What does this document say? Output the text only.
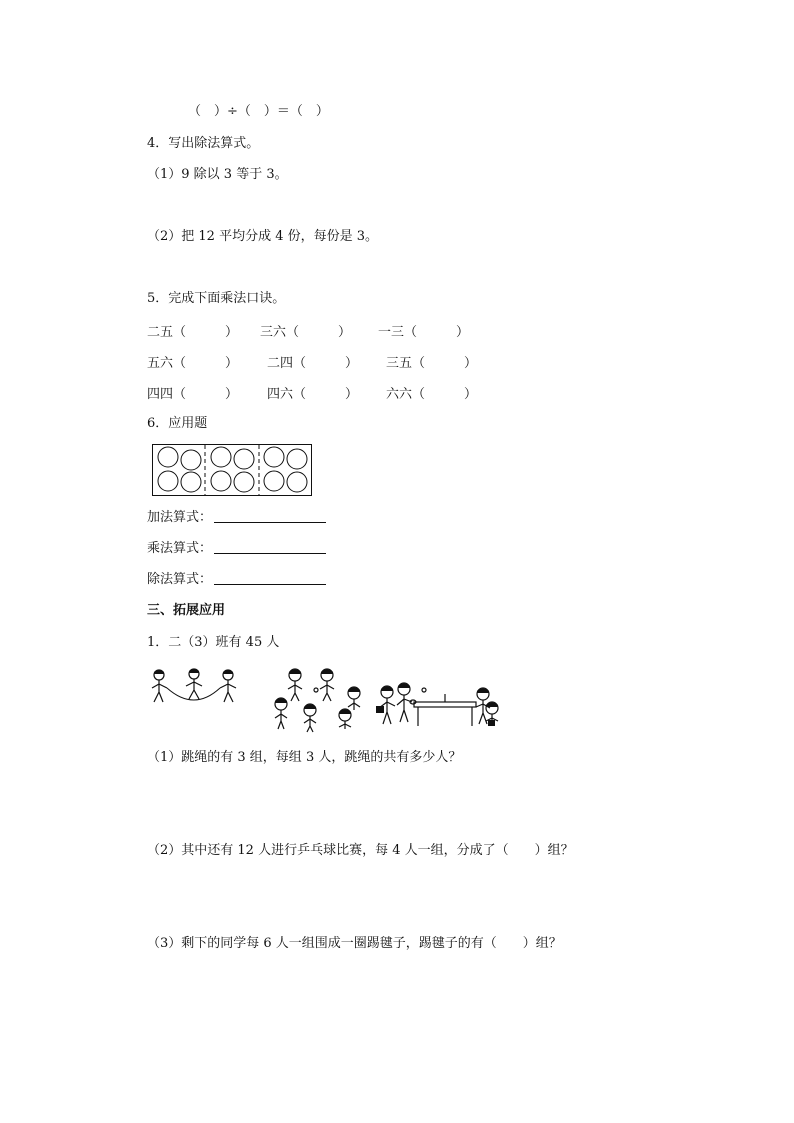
（　）÷（　）＝（　）
4．写出除法算式。
（1）9 除以 3 等于 3。
（2）把 12 平均分成 4 份，每份是 3。
5．完成下面乘法口诀。
二五（　　　） 三六（　　　） 一三（　　　）
五六（　　　） 二四（　　　） 三五（　　　）
四四（　　　） 四六（　　　） 六六（　　　）
6．应用题
加法算式：
乘法算式：
除法算式：
三、拓展应用
1．二（3）班有 45 人
（1）跳绳的有 3 组，每组 3 人，跳绳的共有多少人？
（2）其中还有 12 人进行乒乓球比赛，每 4 人一组，分成了（　　）组？
（3）剩下的同学每 6 人一组围成一圈踢毽子，踢毽子的有（　　）组？
